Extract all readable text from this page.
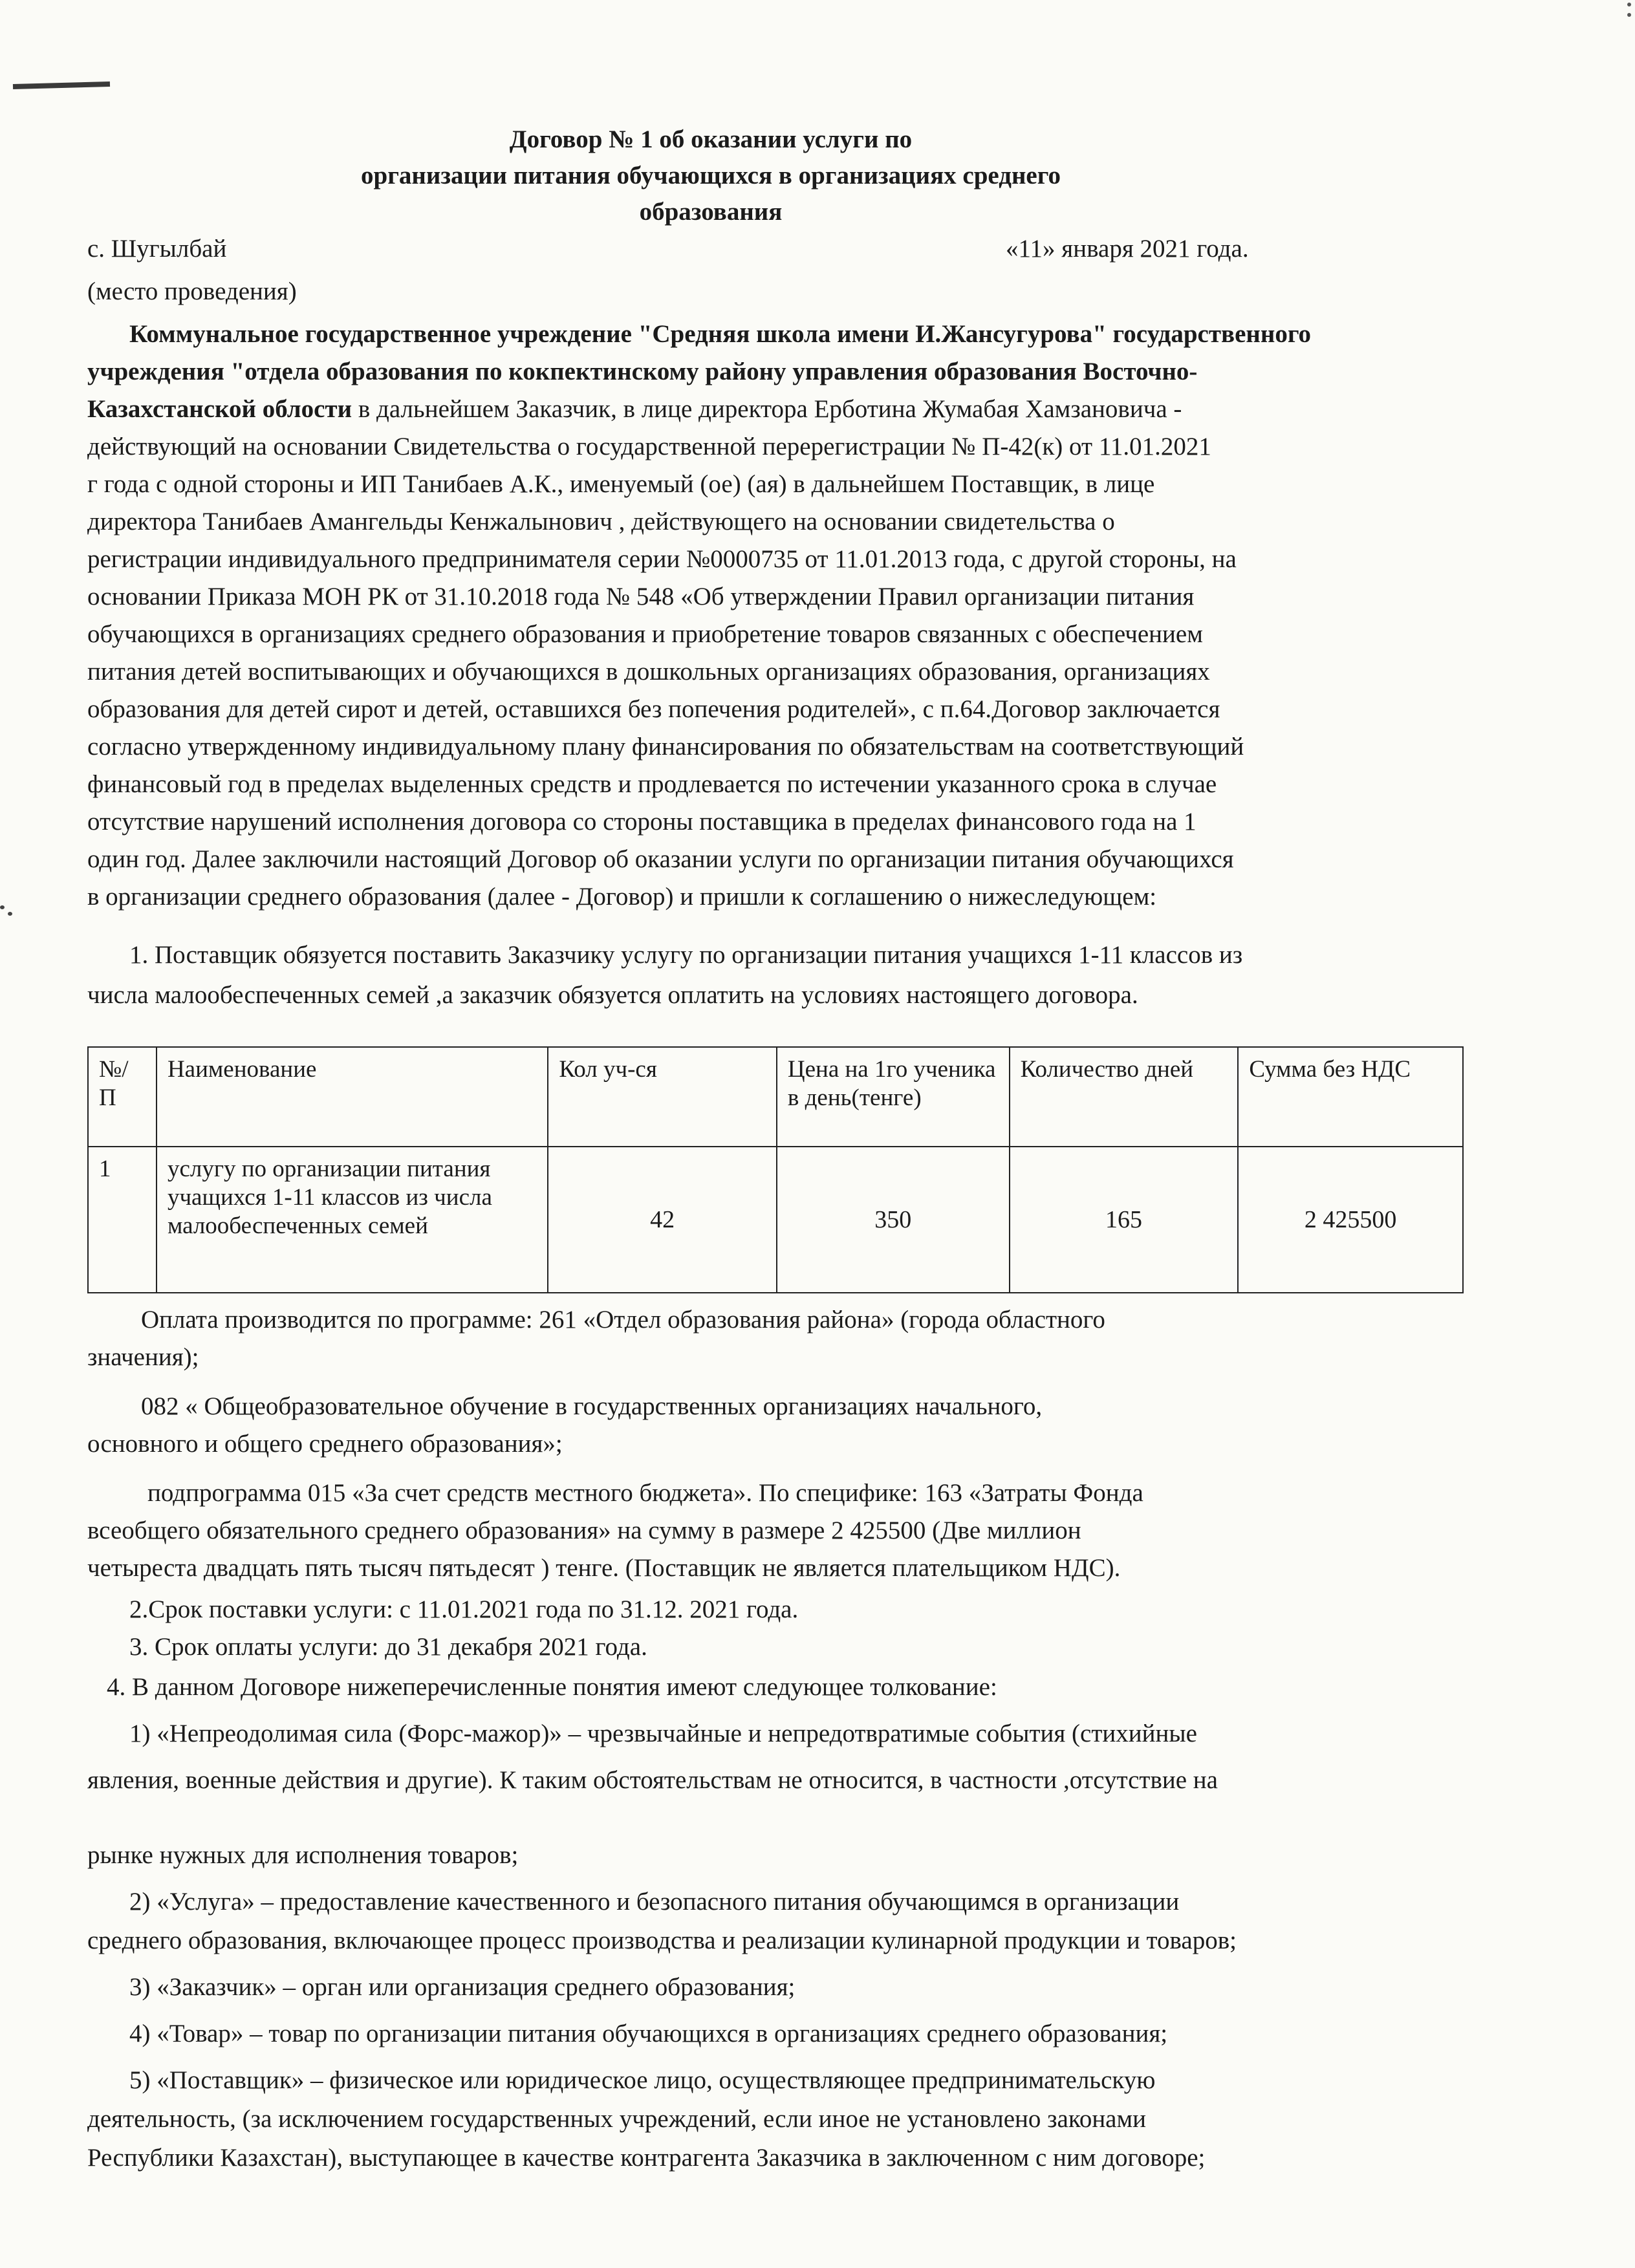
Договор № 1 об оказании услуги по
организации питания обучающихся в организациях среднего
образования
с. Шугылбай	«11» января 2021 года.
(место проведения)
Коммунальное государственное учреждение "Средняя школа имени И.Жансугурова" государственного
учреждения "отдела образования по кокпектинскому району управления образования Восточно-
Казахстанской облости в дальнейшем Заказчик, в лице директора Ерботина Жумабая Хамзановича -
действующий на основании Свидетельства о государственной перерегистрации № П-42(к) от 11.01.2021
г года с одной стороны и ИП Танибаев А.К., именуемый (ое) (ая) в дальнейшем Поставщик, в лице
директора Танибаев Амангельды Кенжалынович , действующего на основании свидетельства о
регистрации индивидуального предпринимателя серии №0000735 от 11.01.2013 года, с другой стороны, на
основании Приказа МОН РК от 31.10.2018 года № 548 «Об утверждении Правил организации питания
обучающихся в организациях среднего образования и приобретение товаров связанных с обеспечением
питания детей воспитывающих и обучающихся в дошкольных организациях образования, организациях
образования для детей сирот и детей, оставшихся без попечения родителей», с п.64.Договор заключается
согласно утвержденному индивидуальному плану финансирования по обязательствам на соответствующий
финансовый год в пределах выделенных средств и продлевается по истечении указанного срока в случае
отсутствие нарушений исполнения договора со стороны поставщика в пределах финансового года на 1
один год. Далее заключили настоящий Договор об оказании услуги по организации питания обучающихся
в организации среднего образования (далее - Договор) и пришли к соглашению о нижеследующем:
1. Поставщик обязуется поставить Заказчику услугу по организации питания учащихся 1-11 классов из
числа малообеспеченных семей ,а заказчик обязуется оплатить на условиях настоящего договора.
№/П	Наименование	Кол уч-ся	Цена на 1го ученика в день(тенге)	Количество дней	Сумма без НДС
1	услугу по организации питания учащихся 1-11 классов из числа малообеспеченных семей	42	350	165	2 425500
Оплата производится по программе: 261 «Отдел образования района» (города областного
значения);
082 « Общеобразовательное обучение в государственных организациях начального,
основного и общего среднего образования»;
подпрограмма 015 «За счет средств местного бюджета». По специфике: 163 «Затраты Фонда
всеобщего обязательного среднего образования» на сумму в размере 2 425500 (Две миллион
четыреста двадцать пять тысяч пятьдесят ) тенге. (Поставщик не является плательщиком НДС).
2.Срок поставки услуги: с 11.01.2021 года по 31.12. 2021 года.
3. Срок оплаты услуги: до 31 декабря 2021 года.
4. В данном Договоре нижеперечисленные понятия имеют следующее толкование:
1) «Непреодолимая сила (Форс-мажор)» – чрезвычайные и непредотвратимые события (стихийные
явления, военные действия и другие). К таким обстоятельствам не относится, в частности ,отсутствие на
рынке нужных для исполнения товаров;
2) «Услуга» – предоставление качественного и безопасного питания обучающимся в организации
среднего образования, включающее процесс производства и реализации кулинарной продукции и товаров;
3) «Заказчик» – орган или организация среднего образования;
4) «Товар» – товар по организации питания обучающихся в организациях среднего образования;
5) «Поставщик» – физическое или юридическое лицо, осуществляющее предпринимательскую
деятельность, (за исключением государственных учреждений, если иное не установлено законами
Республики Казахстан), выступающее в качестве контрагента Заказчика в заключенном с ним договоре;
